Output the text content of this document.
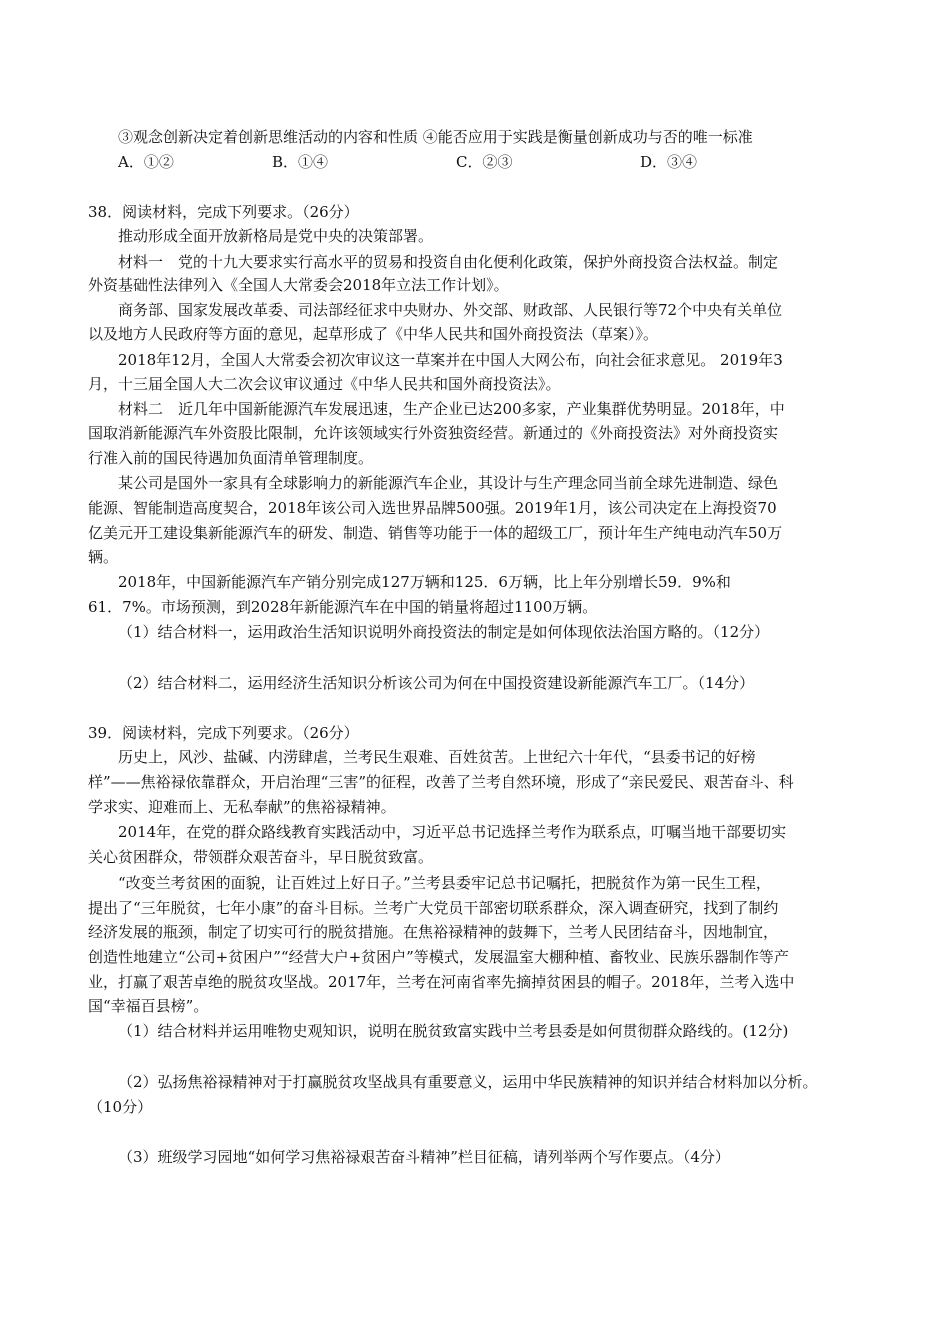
③观念创新决定着创新思维活动的内容和性质 ④能否应用于实践是衡量创新成功与否的唯一标准
A．①②	B．①④	C．②③	D．③④
38．阅读材料，完成下列要求。（26分）
推动形成全面开放新格局是党中央的决策部署。
材料一　党的十九大要求实行高水平的贸易和投资自由化便利化政策，保护外商投资合法权益。制定
外资基础性法律列入《全国人大常委会2018年立法工作计划》。
商务部、国家发展改革委、司法部经征求中央财办、外交部、财政部、人民银行等72个中央有关单位
以及地方人民政府等方面的意见，起草形成了《中华人民共和国外商投资法（草案）》。
2018年12月，全国人大常委会初次审议这一草案并在中国人大网公布，向社会征求意见。 2019年3
月，十三届全国人大二次会议审议通过《中华人民共和国外商投资法》。
材料二　近几年中国新能源汽车发展迅速，生产企业已达200多家，产业集群优势明显。2018年，中
国取消新能源汽车外资股比限制，允许该领域实行外资独资经营。新通过的《外商投资法》对外商投资实
行准入前的国民待遇加负面清单管理制度。
某公司是国外一家具有全球影响力的新能源汽车企业，其设计与生产理念同当前全球先进制造、绿色
能源、智能制造高度契合，2018年该公司入选世界品牌500强。2019年1月，该公司决定在上海投资70
亿美元开工建设集新能源汽车的研发、制造、销售等功能于一体的超级工厂，预计年生产纯电动汽车50万
辆。
2018年，中国新能源汽车产销分别完成127万辆和125．6万辆，比上年分别增长59．9%和
61．7%。市场预测，到2028年新能源汽车在中国的销量将超过1100万辆。
（1）结合材料一，运用政治生活知识说明外商投资法的制定是如何体现依法治国方略的。（12分）
（2）结合材料二，运用经济生活知识分析该公司为何在中国投资建设新能源汽车工厂。（14分）
39．阅读材料，完成下列要求。（26分）
历史上，风沙、盐碱、内涝肆虐，兰考民生艰难、百姓贫苦。上世纪六十年代，“县委书记的好榜
样”——焦裕禄依靠群众，开启治理“三害”的征程，改善了兰考自然环境，形成了“亲民爱民、艰苦奋斗、科
学求实、迎难而上、无私奉献”的焦裕禄精神。
2014年，在党的群众路线教育实践活动中，习近平总书记选择兰考作为联系点，叮嘱当地干部要切实
关心贫困群众，带领群众艰苦奋斗，早日脱贫致富。
“改变兰考贫困的面貌，让百姓过上好日子。”兰考县委牢记总书记嘱托，把脱贫作为第一民生工程，
提出了“三年脱贫，七年小康”的奋斗目标。兰考广大党员干部密切联系群众，深入调查研究，找到了制约
经济发展的瓶颈，制定了切实可行的脱贫措施。在焦裕禄精神的鼓舞下，兰考人民团结奋斗，因地制宜，
创造性地建立“公司+贫困户”“经营大户+贫困户”等模式，发展温室大棚种植、畜牧业、民族乐器制作等产
业，打赢了艰苦卓绝的脱贫攻坚战。2017年，兰考在河南省率先摘掉贫困县的帽子。2018年，兰考入选中
国“幸福百县榜”。
（1）结合材料并运用唯物史观知识，说明在脱贫致富实践中兰考县委是如何贯彻群众路线的。(12分)
（2）弘扬焦裕禄精神对于打赢脱贫攻坚战具有重要意义，运用中华民族精神的知识并结合材料加以分析。
（10分）
（3）班级学习园地“如何学习焦裕禄艰苦奋斗精神”栏目征稿，请列举两个写作要点。（4分）
